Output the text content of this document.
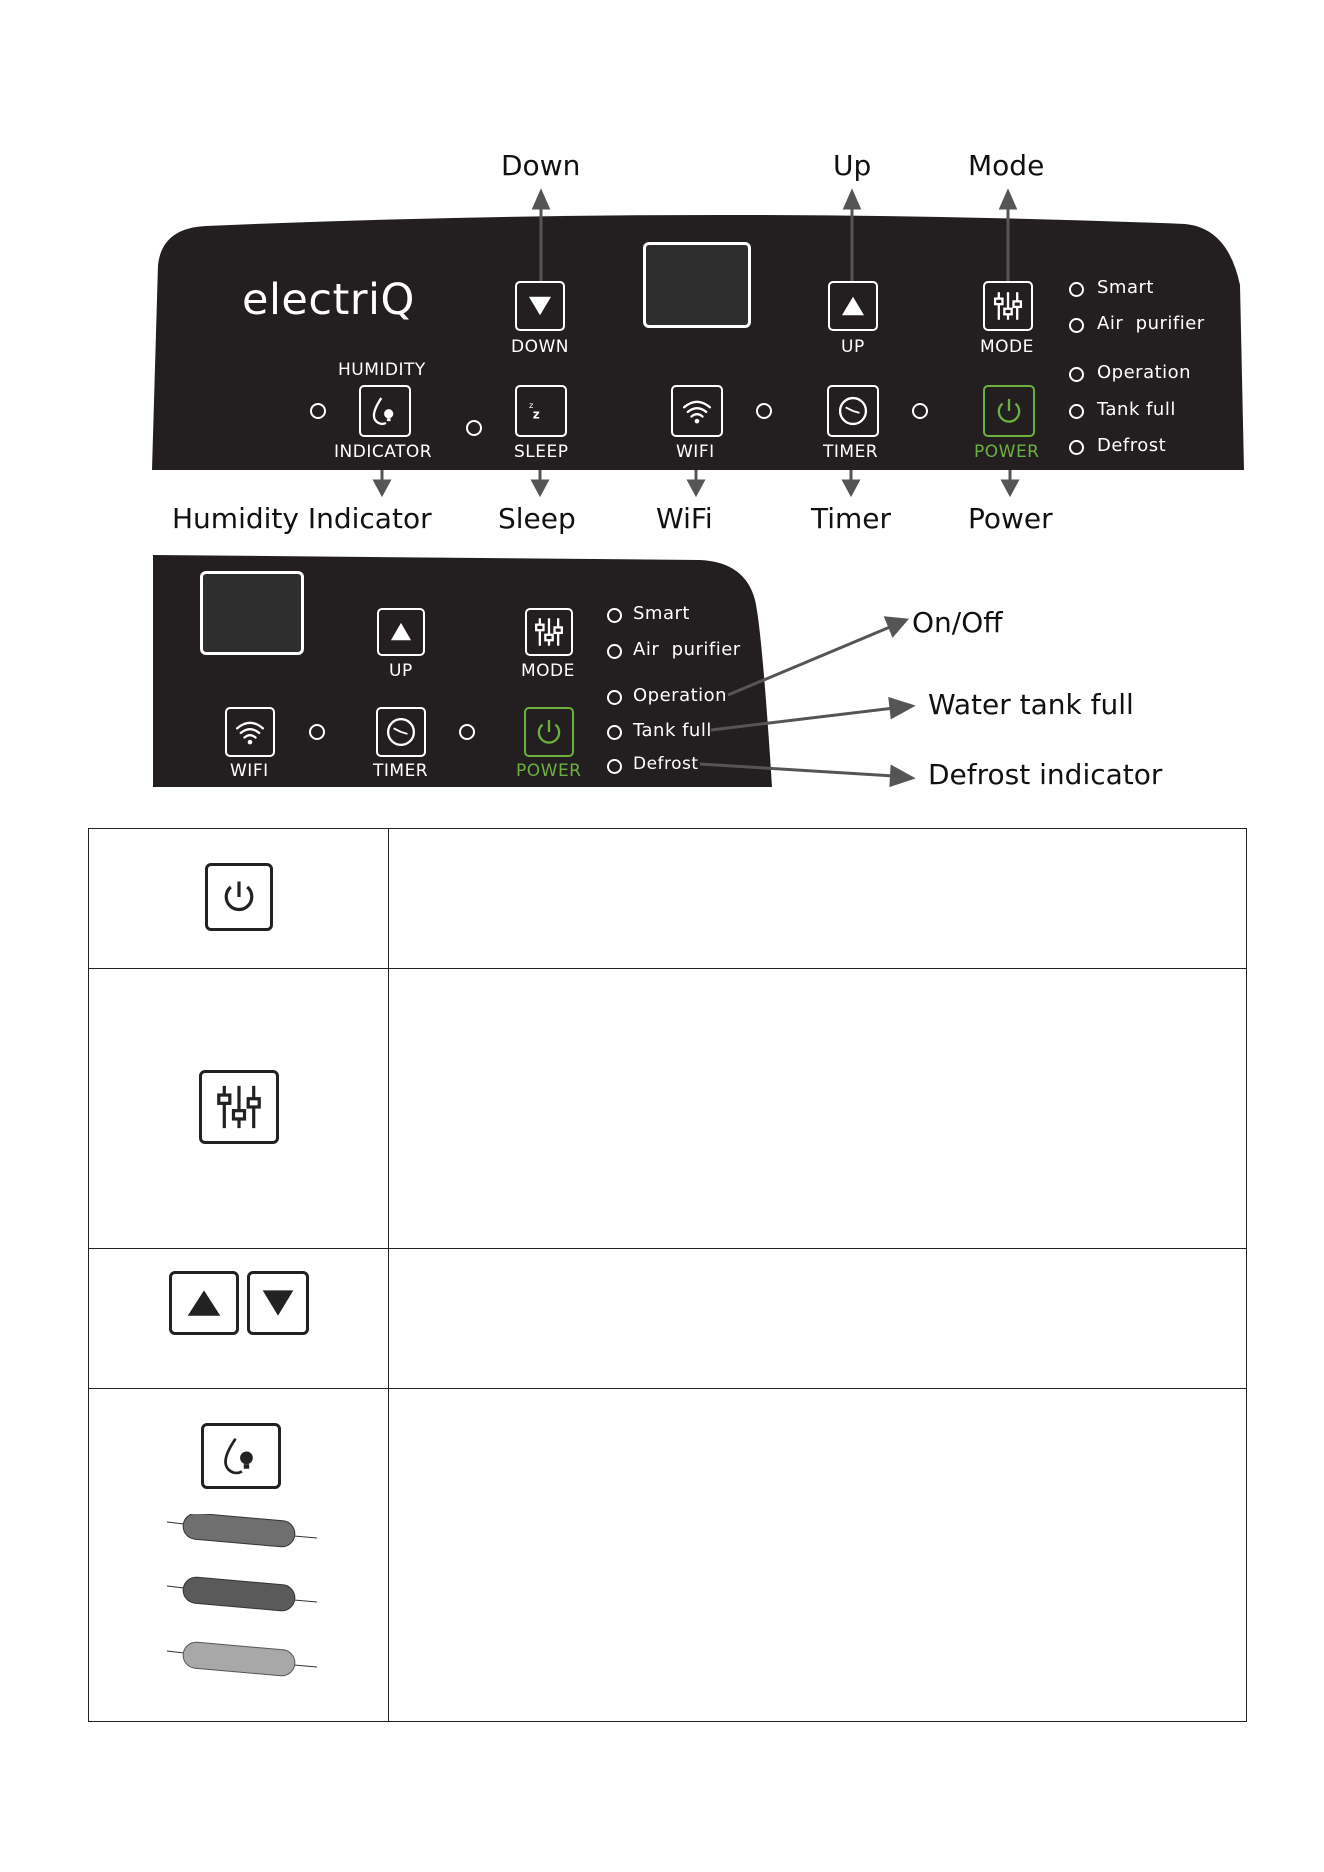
Down	Up	Mode
electriQ
DOWN	UP	MODE
Smart
Air  purifier
Operation
Tank full
Defrost
HUMIDITY
INDICATOR
z
z
SLEEP	WIFI	TIMER	POWER
Humidity Indicator Sleep	WiFi	Timer	Power
UP	MODE
Smart
Air  purifier
Operation
Tank full
Defrost
WIFI	TIMER	POWER
On/Off
Water tank full
Defrost indicator
